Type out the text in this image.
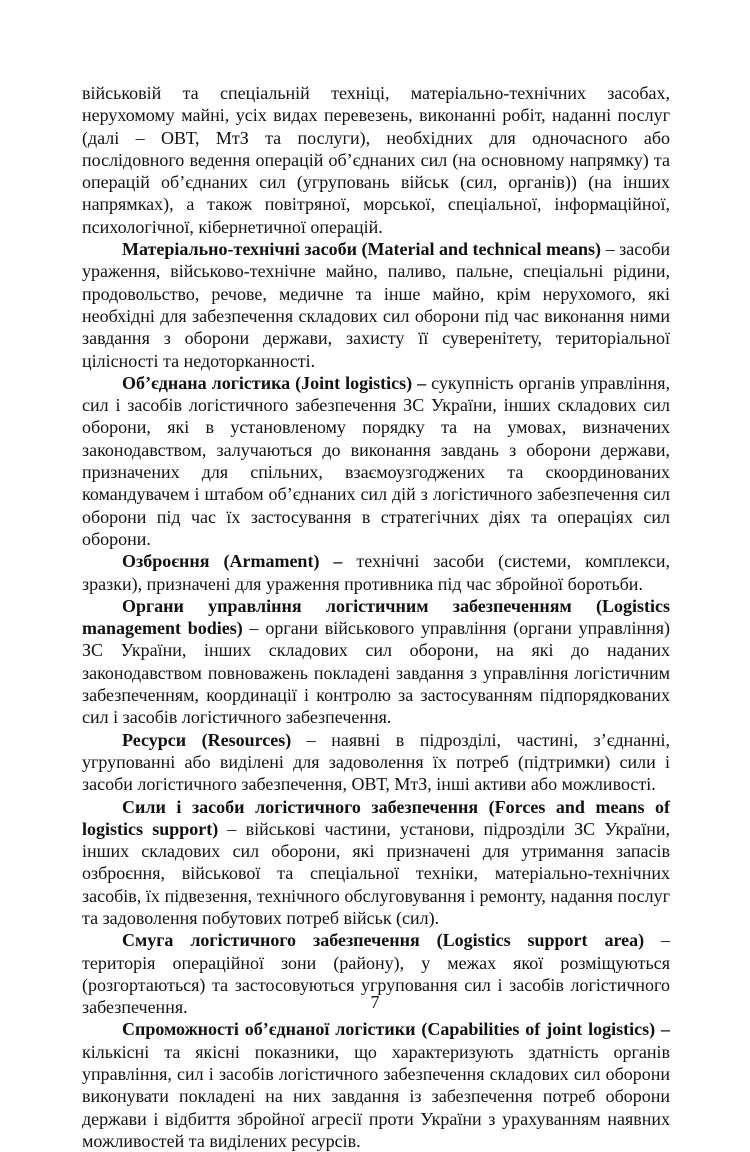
військовій та спеціальній техніці, матеріально-технічних засобах, нерухомому майні, усіх видах перевезень, виконанні робіт, наданні послуг (далі – ОВТ, МтЗ та послуги), необхідних для одночасного або послідовного ведення операцій об’єднаних сил (на основному напрямку) та операцій об’єднаних сил (угруповань військ (сил, органів)) (на інших напрямках), а також повітряної, морської, спеціальної, інформаційної, психологічної, кібернетичної операцій.

Матеріально-технічні засоби (Material and technical means) – засоби ураження, військово-технічне майно, паливо, пальне, спеціальні рідини, продовольство, речове, медичне та інше майно, крім нерухомого, які необхідні для забезпечення складових сил оборони під час виконання ними завдання з оборони держави, захисту її суверенітету, територіальної цілісності та недоторканності.

Об’єднана логістика (Joint logistics) – сукупність органів управління, сил і засобів логістичного забезпечення ЗС України, інших складових сил оборони, які в установленому порядку та на умовах, визначених законодавством, залучаються до виконання завдань з оборони держави, призначених для спільних, взаємоузгоджених та скоординованих командувачем і штабом об’єднаних сил дій з логістичного забезпечення сил оборони під час їх застосування в стратегічних діях та операціях сил оборони.

Озброєння (Armament) – технічні засоби (системи, комплекси, зразки), призначені для ураження противника під час збройної боротьби.

Органи управління логістичним забезпеченням (Logistics management bodies) – органи військового управління (органи управління) ЗС України, інших складових сил оборони, на які до наданих законодавством повноважень покладені завдання з управління логістичним забезпеченням, координації і контролю за застосуванням підпорядкованих сил і засобів логістичного забезпечення.

Ресурси (Resources) – наявні в підрозділі, частині, з’єднанні, угрупованні або виділені для задоволення їх потреб (підтримки) сили і засоби логістичного забезпечення, ОВТ, МтЗ, інші активи або можливості.

Сили і засоби логістичного забезпечення (Forces and means of logistics support) – військові частини, установи, підрозділи ЗС України, інших складових сил оборони, які призначені для утримання запасів озброєння, військової та спеціальної техніки, матеріально-технічних засобів, їх підвезення, технічного обслуговування і ремонту, надання послуг та задоволення побутових потреб військ (сил).

Смуга логістичного забезпечення (Logistics support area) – територія операційної зони (району), у межах якої розміщуються (розгортаються) та застосовуються угруповання сил і засобів логістичного забезпечення.

Спроможності об’єднаної логістики (Capabilities of joint logistics) – кількісні та якісні показники, що характеризують здатність органів управління, сил і засобів логістичного забезпечення складових сил оборони виконувати покладені на них завдання із забезпечення потреб оборони держави і відбиття збройної агресії проти України з урахуванням наявних можливостей та виділених ресурсів.

7
